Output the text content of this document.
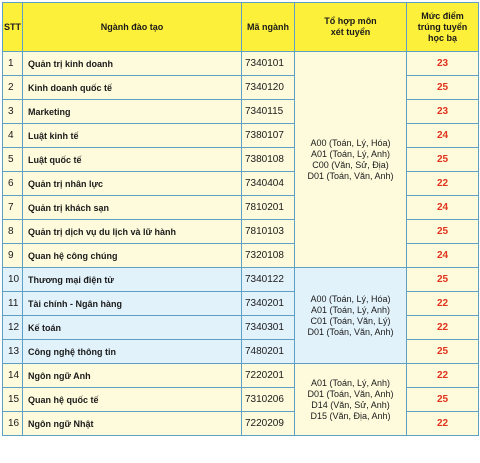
STT	Ngành đào tạo	Mã ngành	Tổ hợp môn
xét tuyển	Mức điểm
trúng tuyển
học bạ

1	Quản trị kinh doanh	7340101	A00 (Toán, Lý, Hóa)
A01 (Toán, Lý, Anh)
C00 (Văn, Sử, Địa)
D01 (Toán, Văn, Anh)	23
2	Kinh doanh quốc tế	7340120		25
3	Marketing	7340115		23
4	Luật kinh tế	7380107		24
5	Luật quốc tế	7380108		25
6	Quản trị nhân lực	7340404		22
7	Quản trị khách sạn	7810201		24
8	Quản trị dịch vụ du lịch và lữ hành	7810103		25
9	Quan hệ công chúng	7320108		24
10	Thương mại điện tử	7340122	A00 (Toán, Lý, Hóa)
A01 (Toán, Lý, Anh)
C01 (Toán, Văn, Lý)
D01 (Toán, Văn, Anh)	25
11	Tài chính - Ngân hàng	7340201		22
12	Kế toán	7340301		22
13	Công nghệ thông tin	7480201		25
14	Ngôn ngữ Anh	7220201	A01 (Toán, Lý, Anh)
D01 (Toán, Văn, Anh)
D14 (Văn, Sử, Anh)
D15 (Văn, Địa, Anh)	22
15	Quan hệ quốc tế	7310206		25
16	Ngôn ngữ Nhật	7220209		22
